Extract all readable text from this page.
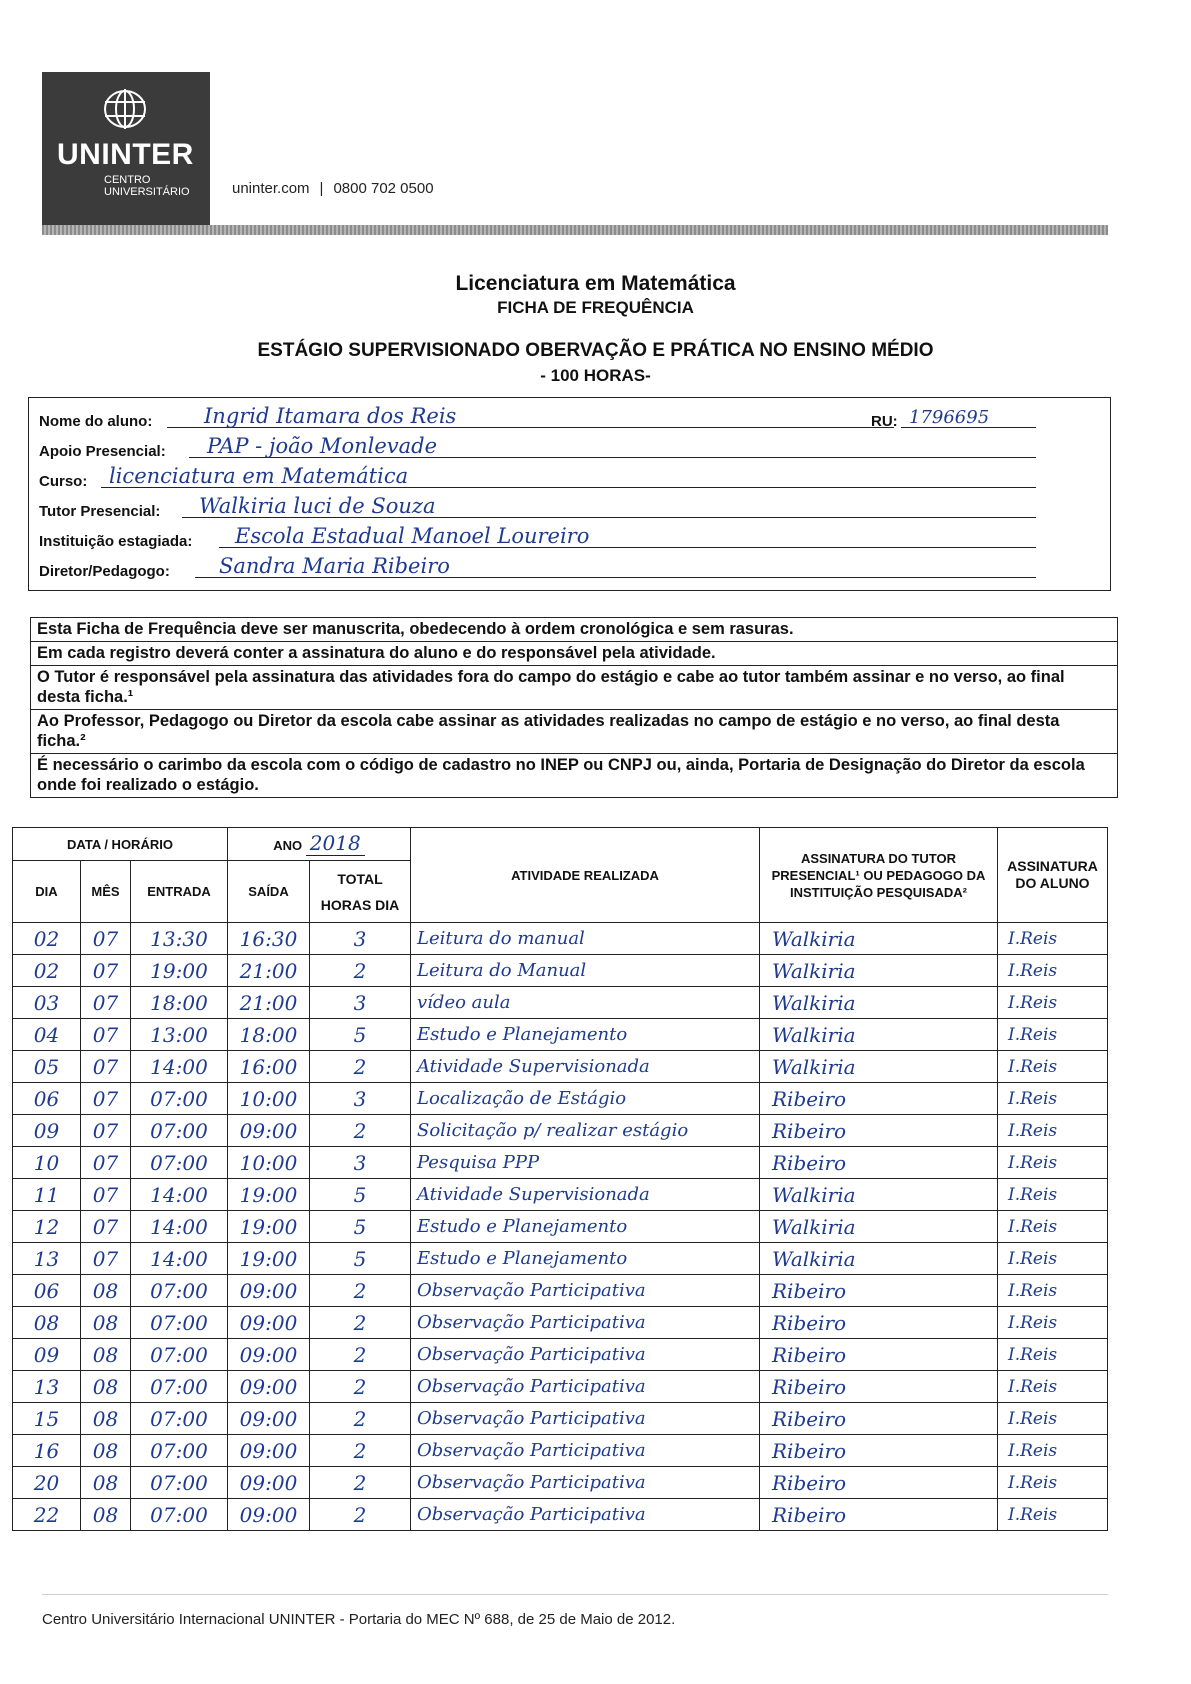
UNINTER
CENTRO
UNIVERSITÁRIO	uninter.com | 0800 702 0500
Licenciatura em Matemática
FICHA DE FREQUÊNCIA
ESTÁGIO SUPERVISIONADO OBERVAÇÃO E PRÁTICA NO ENSINO MÉDIO
- 100 HORAS-
Nome do aluno: Ingrid Itamara dos Reis	RU: 1796695
Apoio Presencial: PAP - joão Monlevade
Curso: licenciatura em Matemática
Tutor Presencial: Walkiria luci de Souza
Instituição estagiada: Escola Estadual Manoel Loureiro
Diretor/Pedagogo: Sandra Maria Ribeiro
Esta Ficha de Frequência deve ser manuscrita, obedecendo à ordem cronológica e sem rasuras.
Em cada registro deverá conter a assinatura do aluno e do responsável pela atividade.
O Tutor é responsável pela assinatura das atividades fora do campo do estágio e cabe ao tutor também assinar e no verso, ao final desta ficha.¹
Ao Professor, Pedagogo ou Diretor da escola cabe assinar as atividades realizadas no campo de estágio e no verso, ao final desta ficha.²
É necessário o carimbo da escola com o código de cadastro no INEP ou CNPJ ou, ainda, Portaria de Designação do Diretor da escola onde foi realizado o estágio.
DATA / HORÁRIO			ANO 2018		ATIVIDADE REALIZADA	ASSINATURA DO TUTOR PRESENCIAL¹ OU PEDAGOGO DA INSTITUIÇÃO PESQUISADA²	ASSINATURA DO ALUNO
DIA	MÊS	ENTRADA	SAÍDA	TOTAL HORAS DIA			
02	07	13:30	16:30	3	Leitura do manual	Walkiria	I.Reis
02	07	19:00	21:00	2	Leitura do Manual	Walkiria	I.Reis
03	07	18:00	21:00	3	vídeo aula	Walkiria	I.Reis
04	07	13:00	18:00	5	Estudo e Planejamento	Walkiria	I.Reis
05	07	14:00	16:00	2	Atividade Supervisionada	Walkiria	I.Reis
06	07	07:00	10:00	3	Localização de Estágio	Ribeiro	I.Reis
09	07	07:00	09:00	2	Solicitação p/ realizar estágio	Ribeiro	I.Reis
10	07	07:00	10:00	3	Pesquisa PPP	Ribeiro	I.Reis
11	07	14:00	19:00	5	Atividade Supervisionada	Walkiria	I.Reis
12	07	14:00	19:00	5	Estudo e Planejamento	Walkiria	I.Reis
13	07	14:00	19:00	5	Estudo e Planejamento	Walkiria	I.Reis
06	08	07:00	09:00	2	Observação Participativa	Ribeiro	I.Reis
08	08	07:00	09:00	2	Observação Participativa	Ribeiro	I.Reis
09	08	07:00	09:00	2	Observação Participativa	Ribeiro	I.Reis
13	08	07:00	09:00	2	Observação Participativa	Ribeiro	I.Reis
15	08	07:00	09:00	2	Observação Participativa	Ribeiro	I.Reis
16	08	07:00	09:00	2	Observação Participativa	Ribeiro	I.Reis
20	08	07:00	09:00	2	Observação Participativa	Ribeiro	I.Reis
22	08	07:00	09:00	2	Observação Participativa	Ribeiro	I.Reis
Centro Universitário Internacional UNINTER - Portaria do MEC Nº 688, de 25 de Maio de 2012.
